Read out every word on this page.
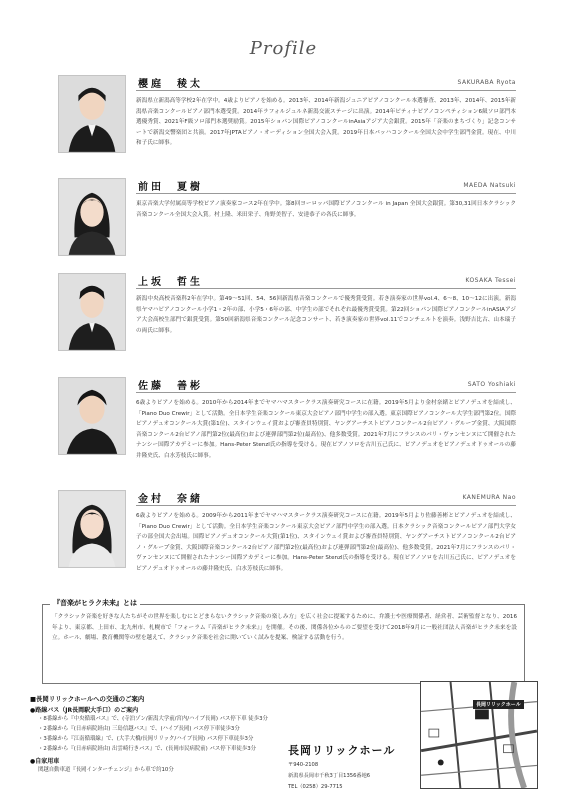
Profile
櫻庭　稜太	SAKURABA Ryota
新潟県立新潟高等学校2年在学中。4歳よりピアノを始める。2013年、2014年新潟ジュニアピアノコンクール本選審査、2013年、2014年、2015年新潟県音楽コンクールピアノ部門本選受賞。2014年ラフォルジュルネ新潟交流ステージに出演。2014年ピティナピアノコンペティション6級ソロ部門本選優秀賞、2021年F級ソロ部門本選奨励賞。2015年ショパン国際ピアノコンクールinAsiaアジア大会銀賞。2015年「音楽のまちづくり」記念コンサートで新潟交響楽団と共演。2017年JPTAピアノ・オーディション全国大会入賞。2019年日本バッハコンクール全国大会中学生部門金賞。現在、中川和子氏に師事。
前田　夏樹	MAEDA Natsuki
東京音楽大学付属高等学校ピアノ演奏家コース2年在学中。第8回ヨーロッパ国際ピアノコンクール in Japan 全国大会銀賞。第30,31回日本クラシック音楽コンクール全国大会入賞。村上隆、米田栄子、角野美智子、安達恭子の各氏に師事。
上坂　哲生	KOSAKA Tessei
新潟中央高校音楽科2年在学中。第49～51回、54、56回新潟県音楽コンクールで優秀賞受賞。若き演奏家の世界vol.4、6～8、10～12に出演。新潟県ヤマハピアノコンクール小学1・2年の部、小学5・6年の部、中学生の部でそれぞれ最優秀賞受賞。第22回ショパン国際ピアノコンクールinASIAアジア大会高校生部門で銀賞受賞。第50回新潟県音楽コンクール記念コンサート、若き演奏家の世界vol.11でコンチェルトを演奏。浅野吉比古、山本瑞子の両氏に師事。
佐藤　善彬	SATO Yoshiaki
6歳よりピアノを始める。2010年から2014年までヤマハマスタークラス演奏研究コースに在籍。2019年5月より金村奈緒とピアノデュオを結成し、「Piano Duo Crewir」として活動。全日本学生音楽コンクール東京大会ピアノ部門中学生の部入選。東京国際ピアノコンクール大学生部門第2位。国際ピアノデュオコンクール大賞(第1位)、スタインウェイ賞および審査員特別賞、ヤングアーチストピアノコンクール2台ピアノ・グループ金賞、大阪国際音楽コンクール2台ピアノ部門第2位(最高位)および連弾部門第2位(最高位)、他多数受賞。2021年7月にフランスのパリ・ヴァンセンヌにて開催されたナンシー国際アカデミーに参加。Hans-Peter Stenzl氏の指導を受ける。現在ピアノソロを古川五己氏に、ピアノデュオをピアノデュオドゥオールの藤井隆史氏、白水芳枝氏に師事。
金村　奈緒	KANEMURA Nao
6歳よりピアノを始める。2009年から2011年までヤマハマスタークラス演奏研究コースに在籍。2019年5月より佐藤善彬とピアノデュオを結成し、「Piano Duo Crewir」として活動。全日本学生音楽コンクール東京大会ピアノ部門中学生の部入選。日本クラシック音楽コンクールピアノ部門大学女子の部全国大会出場。国際ピアノデュオコンクール大賞(第1位)、スタインウェイ賞および審査員特別賞、ヤングアーチストピアノコンクール2台ピアノ・グループ金賞、大阪国際音楽コンクール2台ピアノ部門第2位(最高位)および連弾部門第2位(最高位)、他多数受賞。2021年7月にフランスのパリ・ヴァンセンヌにて開催されたナンシー国際アカデミーに参加。Hans-Peter Stenzl氏の指導を受ける。現在ピアノソロを古川五己氏に、ピアノデュオをピアノデュオドゥオールの藤井隆史氏、白水芳枝氏に師事。
『音楽がヒラク未来』とは
「クラシック音楽を好きな人たちがその世界を楽しむにとどまらないクラシック音楽の楽しみ方」を広く社会に提案するために、弁護士や医療関係者、経営者、芸術監督となり、2016年より、東京都、上田市、北九州市、札幌市で「フォーラム『音楽がヒラク未来』」を開催。その後、関係各位からのご要望を受けて2018年9月に一般社団法人音楽がヒラク未来を設立。ホール、劇場、教育機関等の壁を越えて、クラシック音楽を社会に開いていく試みを提案、検証する活動を行う。
■長岡リリックホールへの交通のご案内
●路線バス（JR長岡駅大手口）のご案内
・8番線から『中央循環バス』で、(寺泊ゾン/新潟大学前/宮内/ハイブ長岡) バス停下車 徒歩3分
・2番線から『(日赤病院経由) 三島信越バス』で、(ハイブ長岡) バス停下車徒歩3分
・3番線から『江南循環線』で、(大手大橋/長岡リリック/ハイブ長岡) バス停下車徒歩3分
・2番線から『(日赤病院経由) 出雲崎行きバス』で、(長岡市民病院前) バス停下車徒歩3分
●自家用車
関越自動車道『長岡インターチェンジ』から車で約10分
長岡リリックホール
〒940-2108
新潟県長岡市千秋3丁目1356番地6
TEL（0258）29-7715
長岡リリックホール
